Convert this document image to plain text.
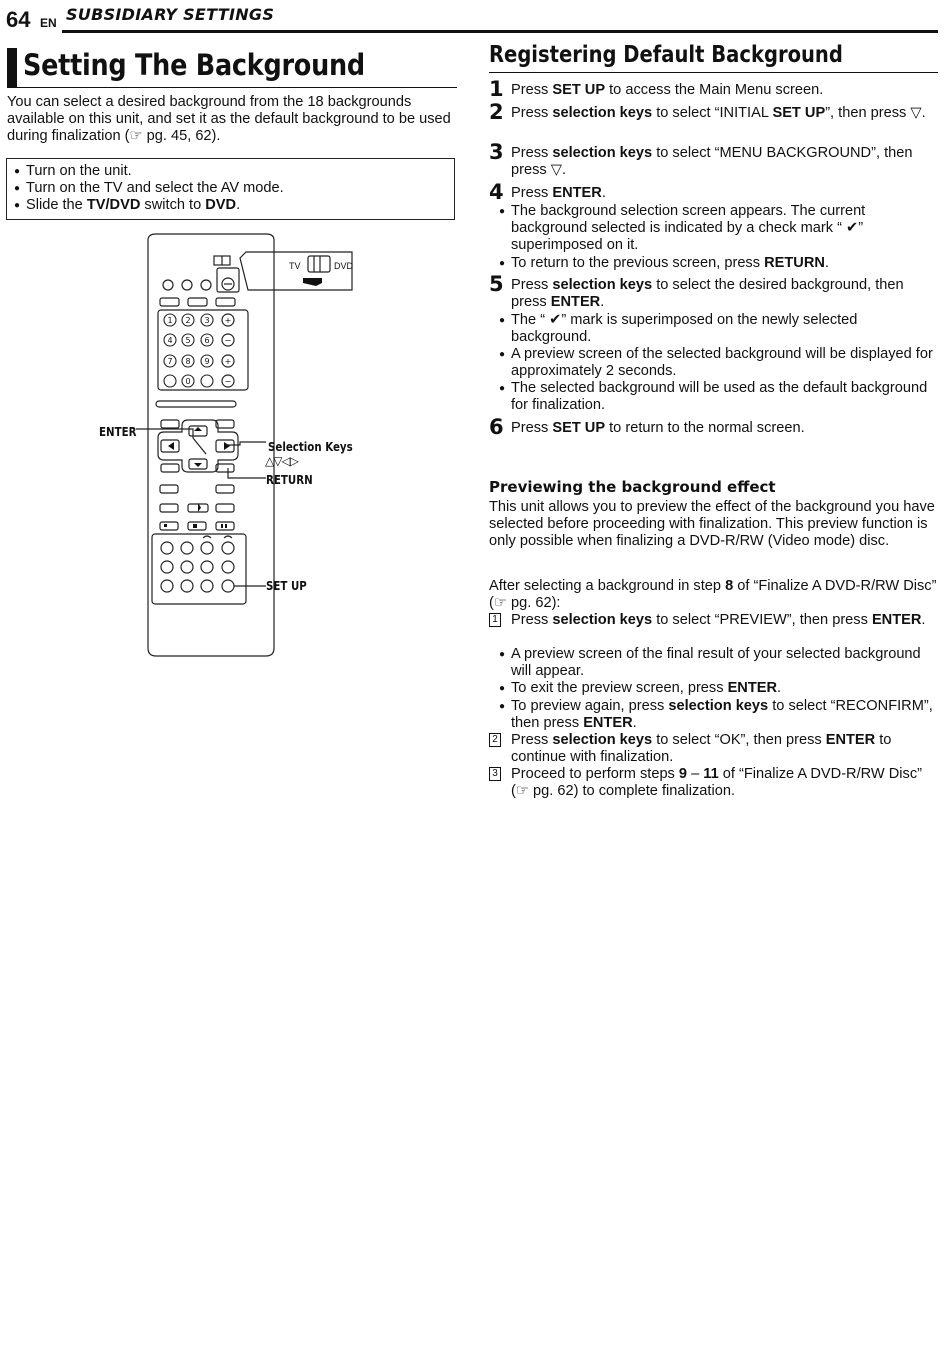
64 EN SUBSIDIARY SETTINGS
Setting The Background
You can select a desired background from the 18 backgrounds available on this unit, and set it as the default background to be used during finalization (☞ pg. 45, 62).
● Turn on the unit.
● Turn on the TV and select the AV mode.
● Slide the TV/DVD switch to DVD.
1 2 3
4 5 6
7 8 9
0
+
−
+
−
TV	DVD
ENTER
Selection Keys
△▽◁▷
RETURN
SET UP
Registering Default Background
1 Press SET UP to access the Main Menu screen.
2 Press selection keys to select “INITIAL SET UP”, then press ▽.
3 Press selection keys to select “MENU BACKGROUND”, then press ▽.
4 Press ENTER.
● The background selection screen appears. The current background selected is indicated by a check mark “ ✔” superimposed on it.
● To return to the previous screen, press RETURN.
5 Press selection keys to select the desired background, then press ENTER.
● The “ ✔” mark is superimposed on the newly selected background.
● A preview screen of the selected background will be displayed for approximately 2 seconds.
● The selected background will be used as the default background for finalization.
6 Press SET UP to return to the normal screen.
1 Press selection keys to select “PREVIEW”, then press ENTER.
● A preview screen of the final result of your selected background will appear.
● To exit the preview screen, press ENTER.
● To preview again, press selection keys to select “RECONFIRM”, then press ENTER.
2 Press selection keys to select “OK”, then press ENTER to continue with finalization.
3 Proceed to perform steps 9 – 11 of “Finalize A DVD-R/RW Disc” (☞ pg. 62) to complete finalization.
Previewing the background effect
This unit allows you to preview the effect of the background you have selected before proceeding with finalization. This preview function is only possible when finalizing a DVD-R/RW (Video mode) disc.
After selecting a background in step 8 of “Finalize A DVD-R/RW Disc” (☞ pg. 62):
